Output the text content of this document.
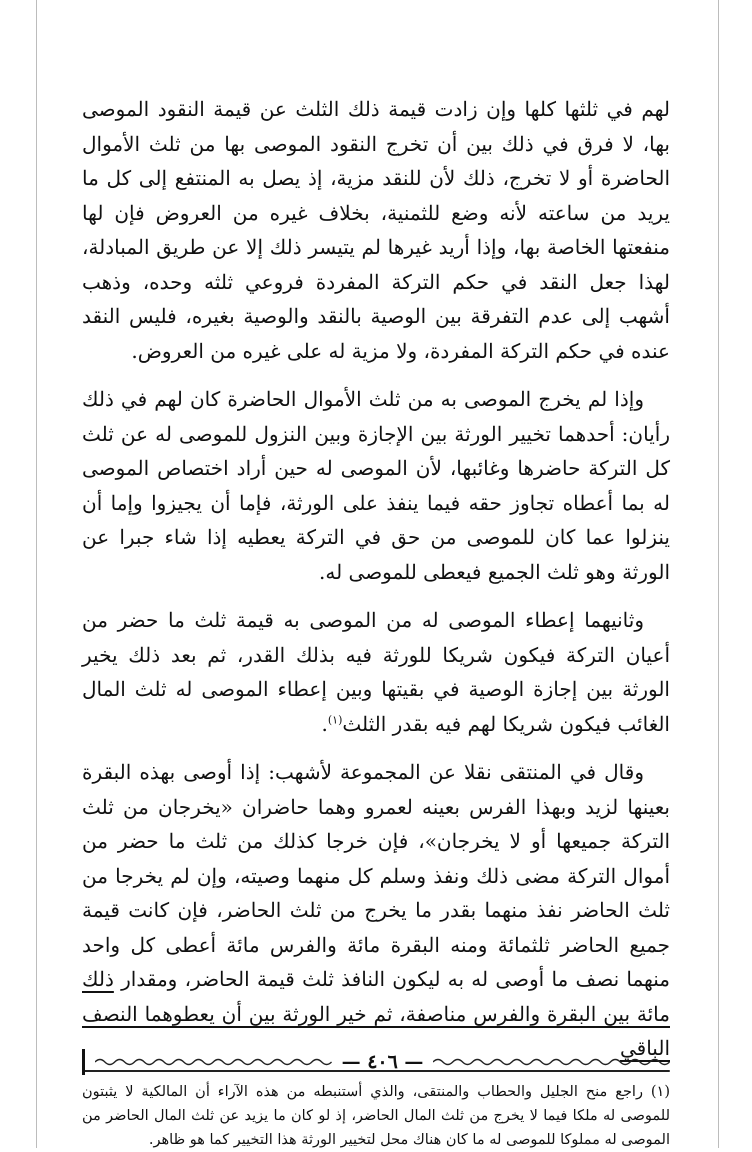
لهم في ثلثها كلها وإن زادت قيمة ذلك الثلث عن قيمة النقود الموصى بها، لا فرق في ذلك بين أن تخرج النقود الموصى بها من ثلث الأموال الحاضرة أو لا تخرج، ذلك لأن للنقد مزية، إذ يصل به المنتفع إلى كل ما يريد من ساعته لأنه وضع للثمنية، بخلاف غيره من العروض فإن لها منفعتها الخاصة بها، وإذا أريد غيرها لم يتيسر ذلك إلا عن طريق المبادلة، لهذا جعل النقد في حكم التركة المفردة فروعي ثلثه وحده، وذهب أشهب إلى عدم التفرقة بين الوصية بالنقد والوصية بغيره، فليس النقد عنده في حكم التركة المفردة، ولا مزية له على غيره من العروض.

وإذا لم يخرج الموصى به من ثلث الأموال الحاضرة كان لهم في ذلك رأيان: أحدهما تخيير الورثة بين الإجازة وبين النزول للموصى له عن ثلث كل التركة حاضرها وغائبها، لأن الموصى له حين أراد اختصاص الموصى له بما أعطاه تجاوز حقه فيما ينفذ على الورثة، فإما أن يجيزوا وإما أن ينزلوا عما كان للموصى من حق في التركة يعطيه إذا شاء جبرا عن الورثة وهو ثلث الجميع فيعطى للموصى له.

وثانيهما إعطاء الموصى له من الموصى به قيمة ثلث ما حضر من أعيان التركة فيكون شريكا للورثة فيه بذلك القدر، ثم بعد ذلك يخير الورثة بين إجازة الوصية في بقيتها وبين إعطاء الموصى له ثلث المال الغائب فيكون شريكا لهم فيه بقدر الثلث$^{(١)}$.

وقال في المنتقى نقلا عن المجموعة لأشهب: إذا أوصى بهذه البقرة بعينها لزيد وبهذا الفرس بعينه لعمرو وهما حاضران «يخرجان من ثلث التركة جميعها أو لا يخرجان»، فإن خرجا كذلك من ثلث ما حضر من أموال التركة مضى ذلك ونفذ وسلم كل منهما وصيته، وإن لم يخرجا من ثلث الحاضر نفذ منهما بقدر ما يخرج من ثلث الحاضر، فإن كانت قيمة جميع الحاضر ثلثمائة ومنه البقرة مائة والفرس مائة أعطى كل واحد منهما نصف ما أوصى له به ليكون النافذ ثلث قيمة الحاضر، ومقدار ذلك مائة بين البقرة والفرس مناصفة، ثم خير الورثة بين أن يعطوهما النصف الباقي

(١) راجع منح الجليل والحطاب والمنتقى، والذي أستنبطه من هذه الآراء أن المالكية لا يثبتون للموصى له ملكا فيما لا يخرج من ثلث المال الحاضر، إذ لو كان ما يزيد عن ثلث المال الحاضر من الموصى له مملوكا للموصى له ما كان هناك محل لتخيير الورثة هذا التخيير كما هو ظاهر.

— ٤٠٦ —
